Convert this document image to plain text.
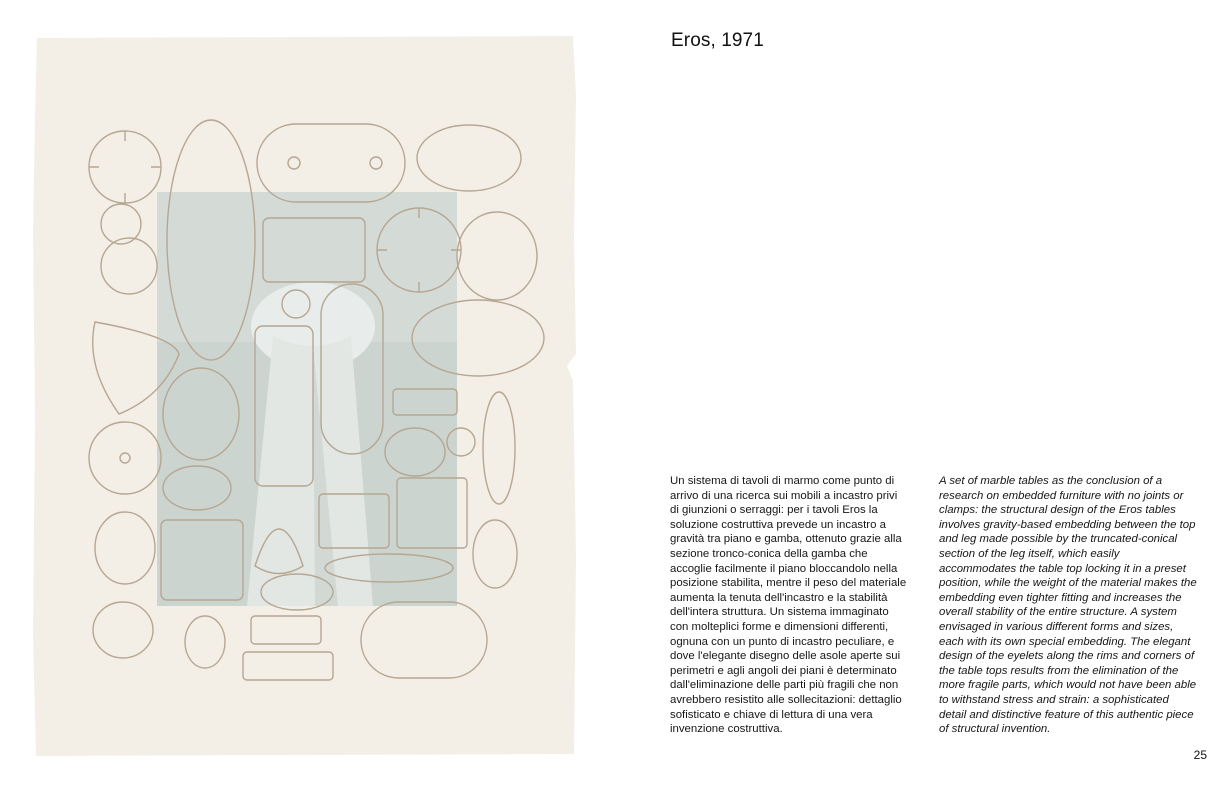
Eros, 1971

Un sistema di tavoli di marmo come punto di arrivo di una ricerca sui mobili a incastro privi di giunzioni o serraggi: per i tavoli Eros la soluzione costruttiva prevede un incastro a gravità tra piano e gamba, ottenuto grazie alla sezione tronco-conica della gamba che accoglie facilmente il piano bloccandolo nella posizione stabilita, mentre il peso del materiale aumenta la tenuta dell'incastro e la stabilità dell'intera struttura. Un sistema immaginato con molteplici forme e dimensioni differenti, ognuna con un punto di incastro peculiare, e dove l'elegante disegno delle asole aperte sui perimetri e agli angoli dei piani è determinato dall'eliminazione delle parti più fragili che non avrebbero resistito alle sollecitazioni: dettaglio sofisticato e chiave di lettura di una vera invenzione costruttiva.

A set of marble tables as the conclusion of a research on embedded furniture with no joints or clamps: the structural design of the Eros tables involves gravity-based embedding between the top and leg made possible by the truncated-conical section of the leg itself, which easily accommodates the table top locking it in a preset position, while the weight of the material makes the embedding even tighter fitting and increases the overall stability of the entire structure. A system envisaged in various different forms and sizes, each with its own special embedding. The elegant design of the eyelets along the rims and corners of the table tops results from the elimination of the more fragile parts, which would not have been able to withstand stress and strain: a sophisticated detail and distinctive feature of this authentic piece of structural invention.

25
